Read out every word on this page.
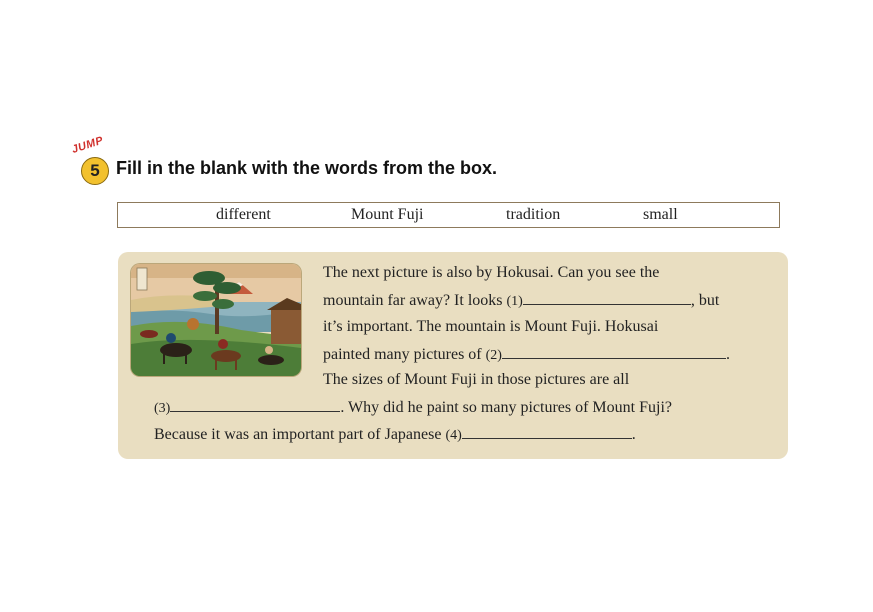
JUMP
5 Fill in the blank with the words from the box.
different	Mount Fuji	tradition	small
The next picture is also by Hokusai. Can you see the
mountain far away? It looks (1)	, but
it’s important. The mountain is Mount Fuji. Hokusai
painted many pictures of (2)	.
The sizes of Mount Fuji in those pictures are all
(3)	. Why did he paint so many pictures of Mount Fuji?
Because it was an important part of Japanese (4)	.
